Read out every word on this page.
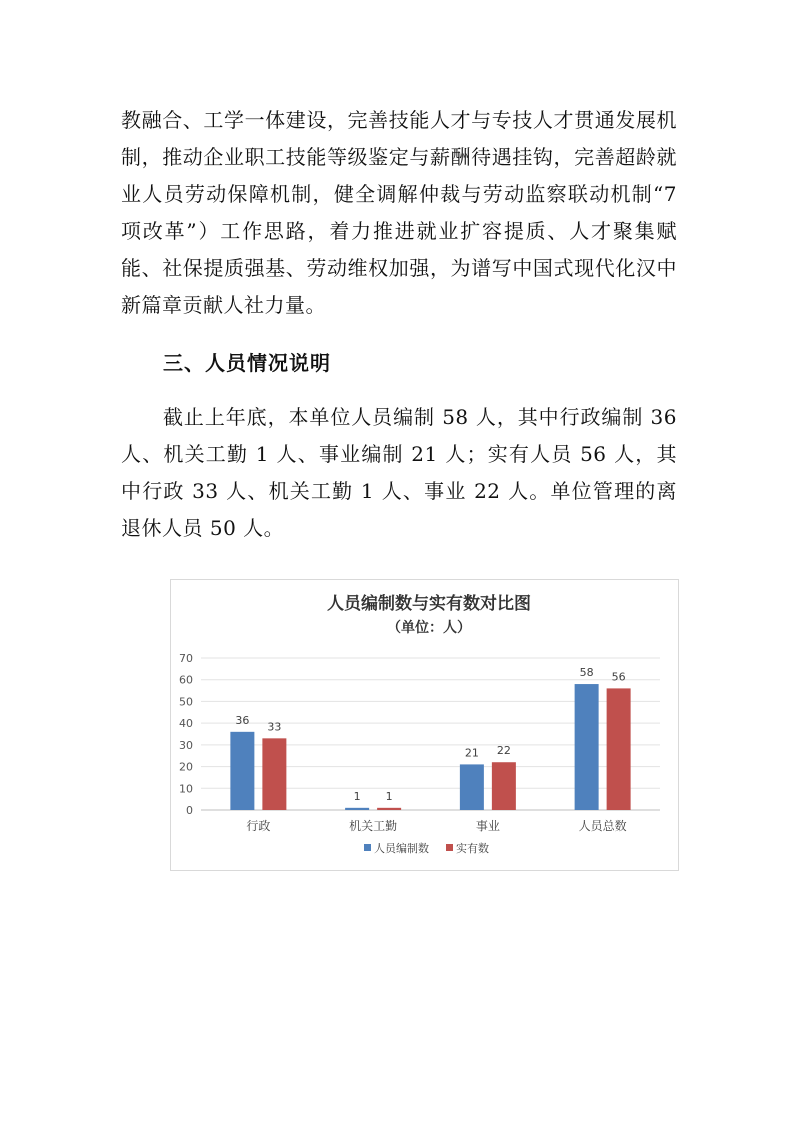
教融合、工学一体建设，完善技能人才与专技人才贯通发展机制，推动企业职工技能等级鉴定与薪酬待遇挂钩，完善超龄就业人员劳动保障机制，健全调解仲裁与劳动监察联动机制“7项改革”）工作思路，着力推进就业扩容提质、人才聚集赋能、社保提质强基、劳动维权加强，为谱写中国式现代化汉中新篇章贡献人社力量。

三、人员情况说明

截止上年底，本单位人员编制 58 人，其中行政编制 36 人、机关工勤 1 人、事业编制 21 人；实有人员 56 人，其中行政 33 人、机关工勤 1 人、事业 22 人。单位管理的离退休人员 50 人。

人员编制数与实有数对比图
（单位：人）
0
10
20
30
40
50
60
70
行政	机关工勤	事业	人员总数
36
33
1 1
21 22
58 56
人员编制数 实有数
